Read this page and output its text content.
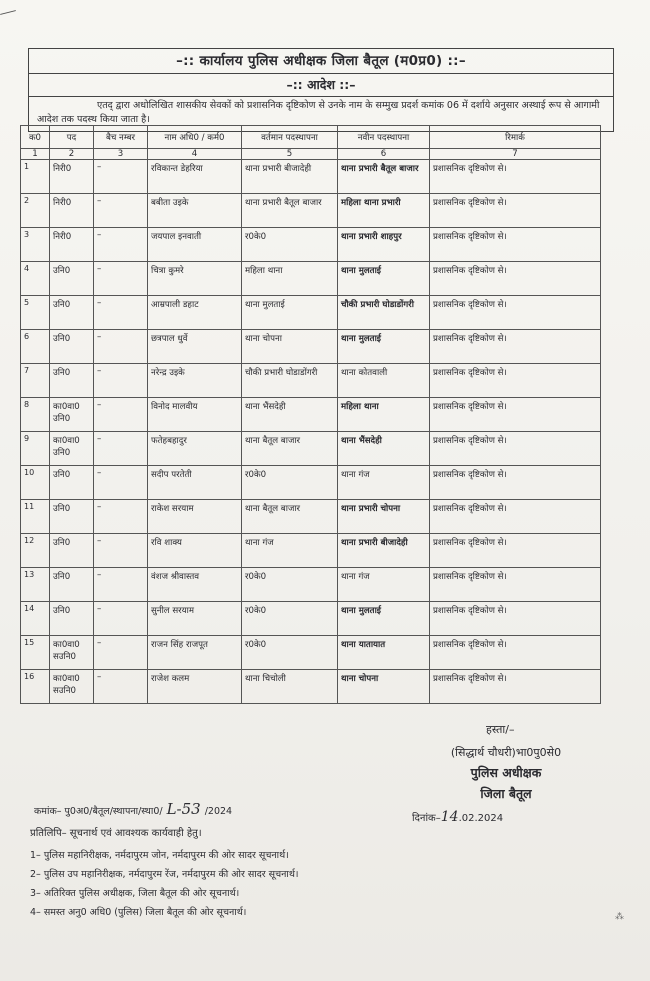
–:: कार्यालय पुलिस अधीक्षक जिला बैतूल (म0प्र0) ::–
–:: आदेश ::–
एतद् द्वारा अधोलिखित शासकीय सेवकों को प्रशासनिक दृष्टिकोण से उनके नाम के सम्मुख प्रदर्श कमांक 06 में दर्शाये अनुसार अस्थाई रूप से आगामी आदेश तक पदस्थ किया जाता है।
क0	पद	बैच नम्बर	नाम अधि0 / कर्म0	वर्तमान पदस्थापना	नवीन पदस्थापना	रिमार्क
1	2	3	4	5	6	7
1	निरी0	–	रविकान्त डेहरिया	थाना प्रभारी बीजादेही	थाना प्रभारी बैतूल बाजार	प्रशासनिक दृष्टिकोण से।
2	निरी0	–	बबीता उइके	थाना प्रभारी बैतूल बाजार	महिला थाना प्रभारी	प्रशासनिक दृष्टिकोण से।
3	निरी0	–	जयपाल इनवाती	र0के0	थाना प्रभारी शाहपुर	प्रशासनिक दृष्टिकोण से।
4	उनि0	–	चित्रा कुमरे	महिला थाना	थाना मुलताई	प्रशासनिक दृष्टिकोण से।
5	उनि0	–	आम्रपाली डहाट	थाना मुलताई	चौकी प्रभारी घोडाडोंगरी	प्रशासनिक दृष्टिकोण से।
6	उनि0	–	छत्रपाल धुर्वे	थाना चोपना	थाना मुलताई	प्रशासनिक दृष्टिकोण से।
7	उनि0	–	नरेन्द्र उइके	चौकी प्रभारी घोडाडोंगरी	थाना कोतवाली	प्रशासनिक दृष्टिकोण से।
8	का0वा0 उनि0	–	विनोद मालवीय	थाना भैंसदेही	महिला थाना	प्रशासनिक दृष्टिकोण से।
9	का0वा0 उनि0	–	फतेहबहादुर	थाना बैतूल बाजार	थाना भैंसदेही	प्रशासनिक दृष्टिकोण से।
10	उनि0	–	सदीप परतेती	र0के0	थाना गंज	प्रशासनिक दृष्टिकोण से।
11	उनि0	–	राकेश सरयाम	थाना बैतूल बाजार	थाना प्रभारी चोपना	प्रशासनिक दृष्टिकोण से।
12	उनि0	–	रवि शाक्य	थाना गंज	थाना प्रभारी बीजादेही	प्रशासनिक दृष्टिकोण से।
13	उनि0	–	वंशज श्रीवास्तव	र0के0	थाना गंज	प्रशासनिक दृष्टिकोण से।
14	उनि0	–	सुनील सरयाम	र0के0	थाना मुलताई	प्रशासनिक दृष्टिकोण से।
15	का0वा0 सउनि0	–	राजन सिंह राजपूत	र0के0	थाना यातायात	प्रशासनिक दृष्टिकोण से।
16	का0वा0 सउनि0	–	राजेश कलम	थाना चिचोली	थाना चोपना	प्रशासनिक दृष्टिकोण से।
हस्ता/–
(सिद्धार्थ चौधरी)भा0पु0से0
पुलिस अधीक्षक
जिला बैतूल
कमांक– पु0अ0/बैतूल/स्थापना/स्था0/ L-53 /2024
दिनांक–14.02.2024
प्रतिलिपि– सूचनार्थ एवं आवश्यक कार्यवाही हेतु।
1– पुलिस महानिरीक्षक, नर्मदापुरम जोन, नर्मदापुरम की ओर सादर सूचनार्थ।
2– पुलिस उप महानिरीक्षक, नर्मदापुरम रेंज, नर्मदापुरम की ओर सादर सूचनार्थ।
3– अतिरिक्त पुलिस अधीक्षक, जिला बैतूल की ओर सूचनार्थ।
4– समस्त अनु0 अधि0 (पुलिस) जिला बैतूल की ओर सूचनार्थ।	⁂
